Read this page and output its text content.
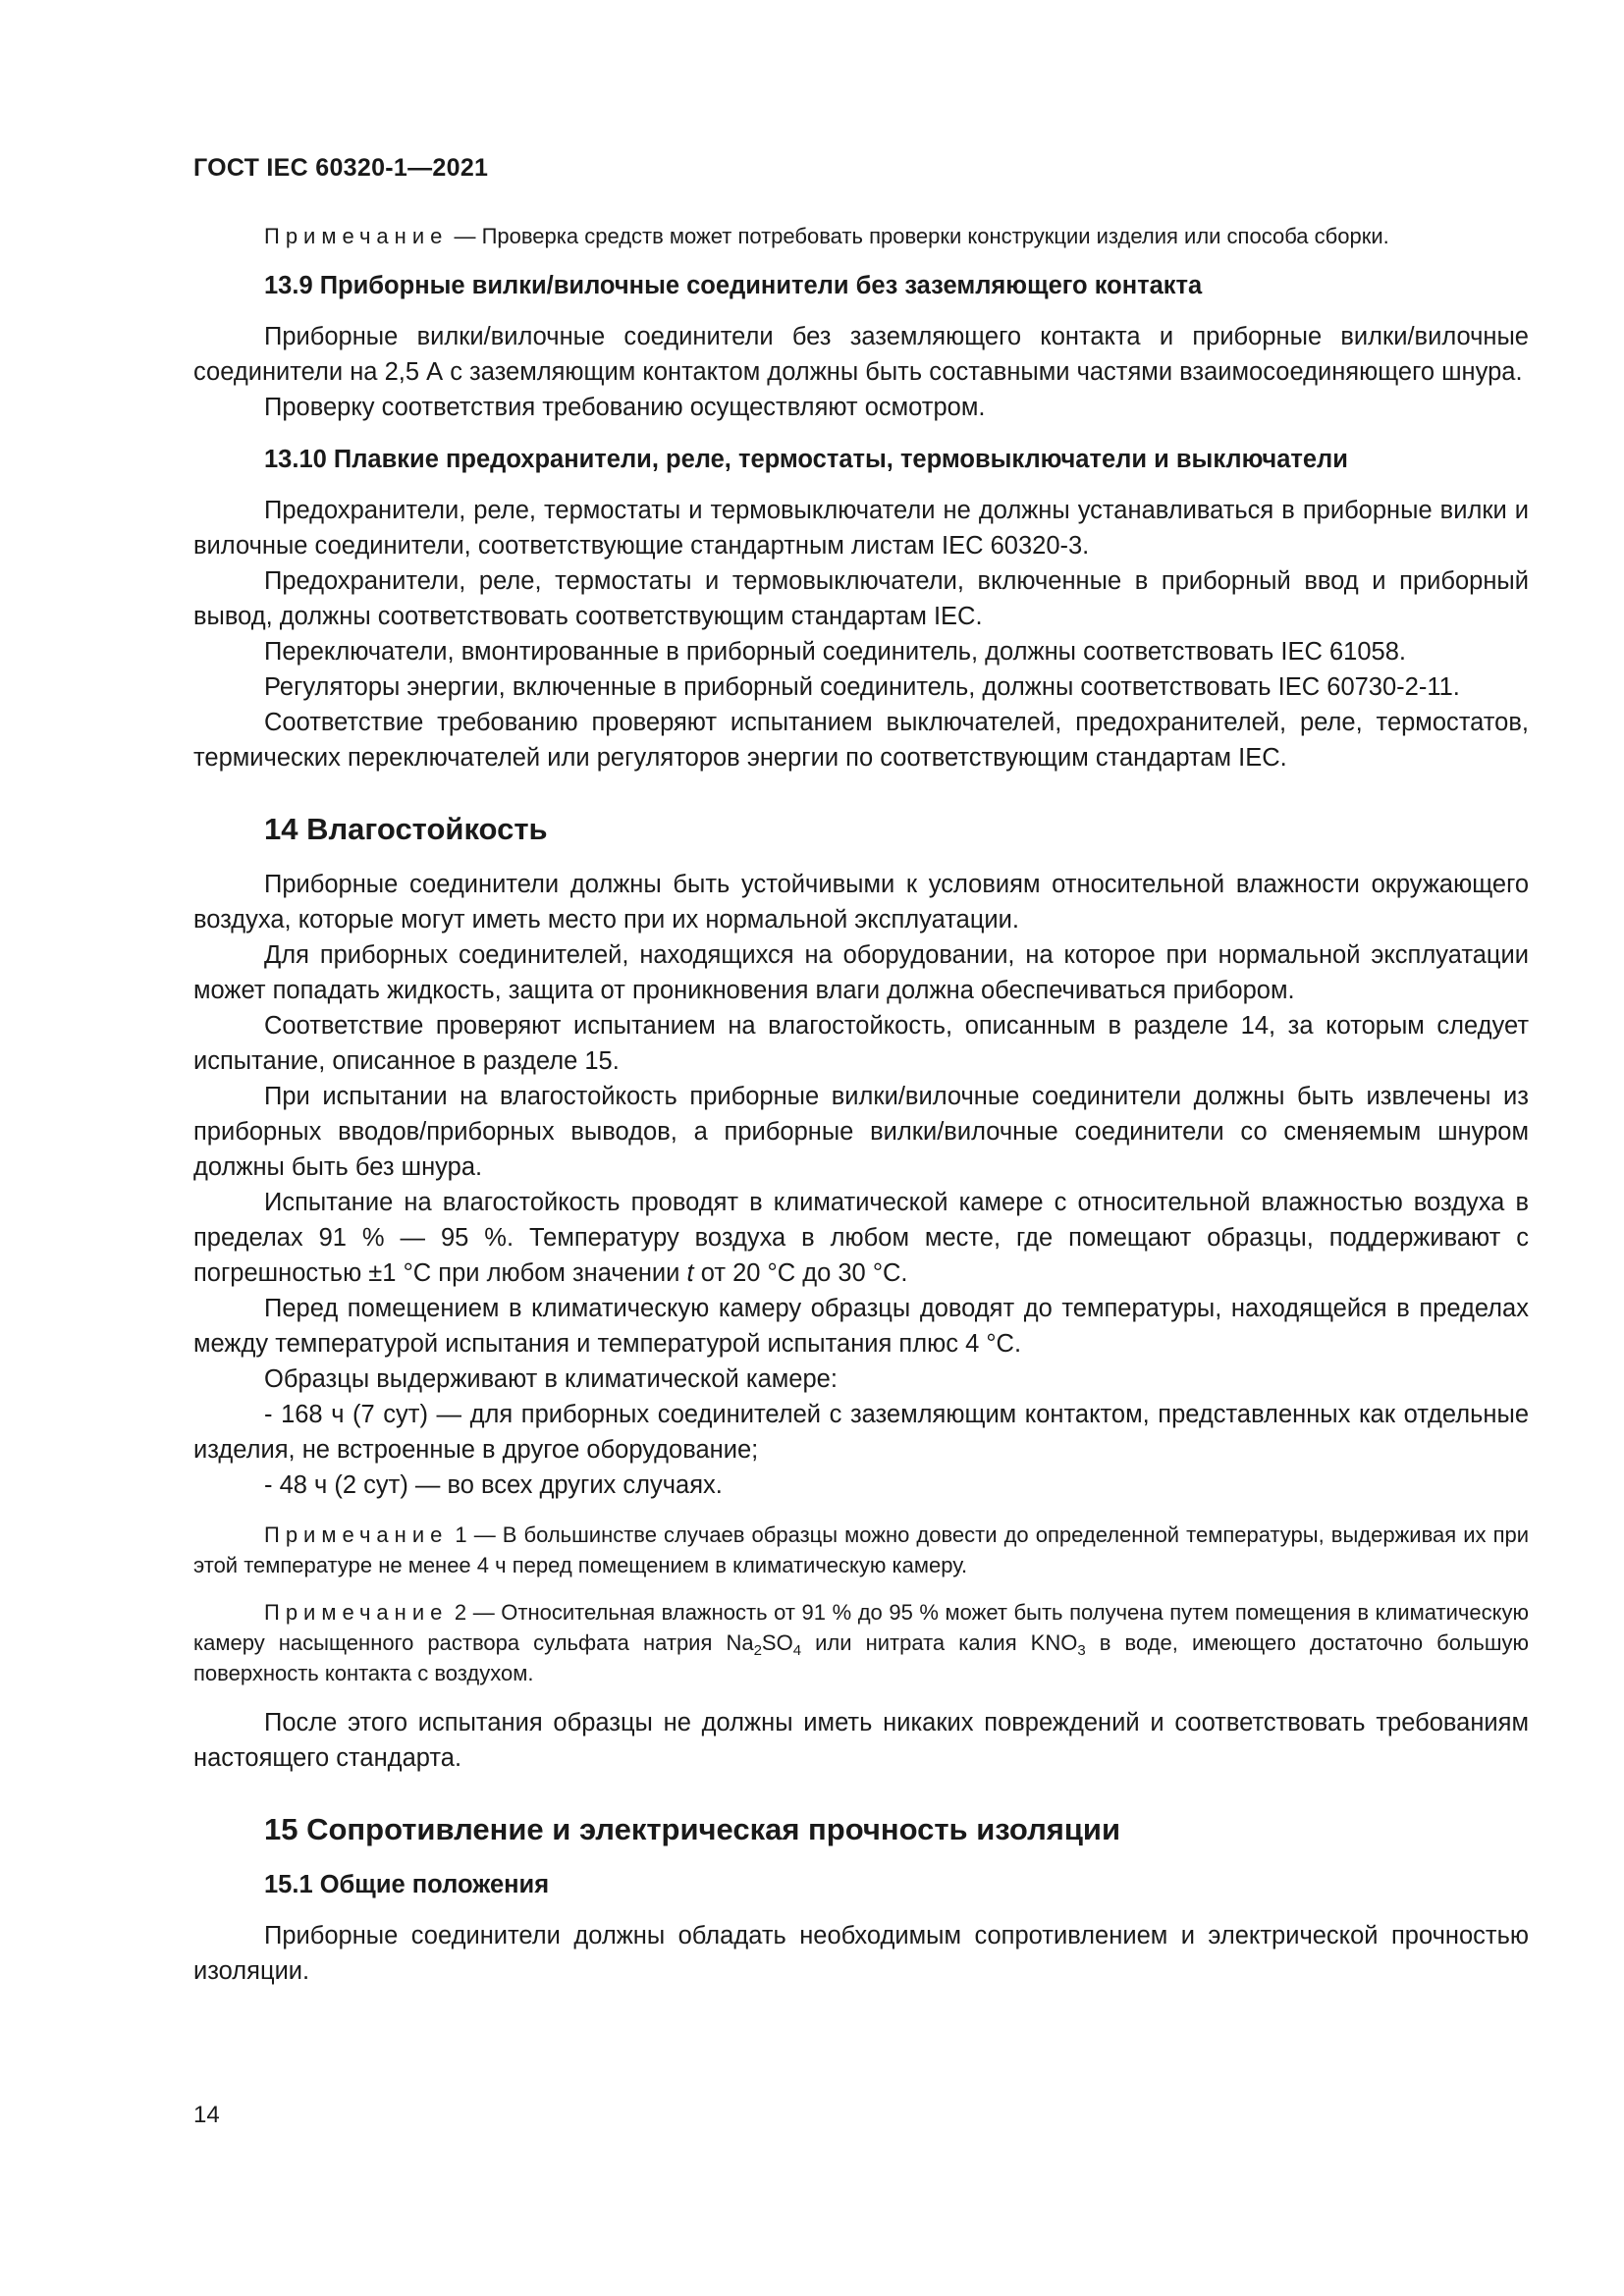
ГОСТ IEC 60320-1—2021

Примечание — Проверка средств может потребовать проверки конструкции изделия или способа сборки.

13.9 Приборные вилки/вилочные соединители без заземляющего контакта

Приборные вилки/вилочные соединители без заземляющего контакта и приборные вилки/вилочные соединители на 2,5 А с заземляющим контактом должны быть составными частями взаимосоединяющего шнура.

Проверку соответствия требованию осуществляют осмотром.

13.10 Плавкие предохранители, реле, термостаты, термовыключатели и выключатели

Предохранители, реле, термостаты и термовыключатели не должны устанавливаться в приборные вилки и вилочные соединители, соответствующие стандартным листам IEC 60320-3.

Предохранители, реле, термостаты и термовыключатели, включенные в приборный ввод и приборный вывод, должны соответствовать соответствующим стандартам IEC.

Переключатели, вмонтированные в приборный соединитель, должны соответствовать IEC 61058.

Регуляторы энергии, включенные в приборный соединитель, должны соответствовать IEC 60730-2-11.

Соответствие требованию проверяют испытанием выключателей, предохранителей, реле, термостатов, термических переключателей или регуляторов энергии по соответствующим стандартам IEC.

14 Влагостойкость

Приборные соединители должны быть устойчивыми к условиям относительной влажности окружающего воздуха, которые могут иметь место при их нормальной эксплуатации.

Для приборных соединителей, находящихся на оборудовании, на которое при нормальной эксплуатации может попадать жидкость, защита от проникновения влаги должна обеспечиваться прибором.

Соответствие проверяют испытанием на влагостойкость, описанным в разделе 14, за которым следует испытание, описанное в разделе 15.

При испытании на влагостойкость приборные вилки/вилочные соединители должны быть извлечены из приборных вводов/приборных выводов, а приборные вилки/вилочные соединители со сменяемым шнуром должны быть без шнура.

Испытание на влагостойкость проводят в климатической камере с относительной влажностью воздуха в пределах 91 % — 95 %. Температуру воздуха в любом месте, где помещают образцы, поддерживают с погрешностью ±1 °С при любом значении t от 20 °С до 30 °С.

Перед помещением в климатическую камеру образцы доводят до температуры, находящейся в пределах между температурой испытания и температурой испытания плюс 4 °С.

Образцы выдерживают в климатической камере:

- 168 ч (7 сут) — для приборных соединителей с заземляющим контактом, представленных как отдельные изделия, не встроенные в другое оборудование;

- 48 ч (2 сут) — во всех других случаях.

Примечание 1 — В большинстве случаев образцы можно довести до определенной температуры, выдерживая их при этой температуре не менее 4 ч перед помещением в климатическую камеру.

Примечание 2 — Относительная влажность от 91 % до 95 % может быть получена путем помещения в климатическую камеру насыщенного раствора сульфата натрия $Na_2SO_4$ или нитрата калия $KNO_3$ в воде, имеющего достаточно большую поверхность контакта с воздухом.

После этого испытания образцы не должны иметь никаких повреждений и соответствовать требованиям настоящего стандарта.

15 Сопротивление и электрическая прочность изоляции

15.1 Общие положения

Приборные соединители должны обладать необходимым сопротивлением и электрической прочностью изоляции.

14
